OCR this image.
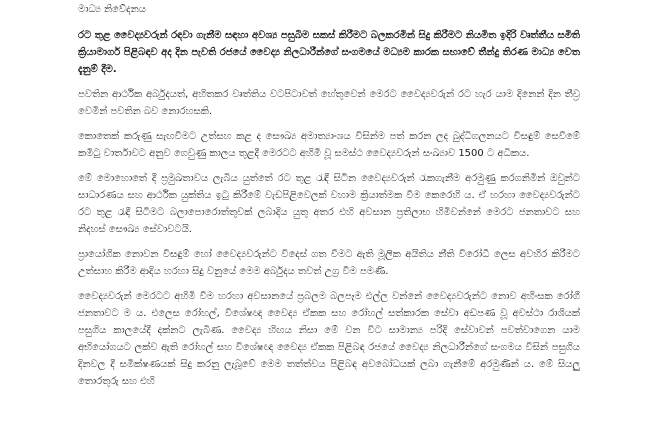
මාධ්‍ය නිවේදනය

රට තුළ වෛද්‍යවරුන් රඳවා ගැනීම සඳහා අවශ්‍ය පසුබිම සකස් කිරීමට බලකරමින් සිදු කිරීමට නියමිත ඉදිරි වෘත්තීය සමිති ක්‍රියාමාර්ග පිළිබඳව අද දින පැවති රජයේ වෛද්‍ය නිලධාරීන්ගේ සංගමයේ මධ්‍යම කාරක සභාවේ තීන්දු තිරණ මාධ්‍ය වෙත දැනුම් දීම.

පවතින ආර්ථික අර්බුදයත්, අහිතකර වෘත්තිය වටපිටාවත් හේතුවෙන් මෙරට වෛද්‍යවරුන් රට හැර යාම දිනෙන් දින තීව්‍ර වෙමින් පවතින බව නොරහසකි.

කොතෙක් කරුණු සැඟවීමට උත්සහ කළ ද සෞඛ්‍ය අමාත්‍යාංශය විසින්ම පත් කරන ලද බුද්ධිගලනයට විසඳුම් සෙවීමේ කමිටු වාර්තාවට අනුව ගෙවුණු කාලය තුළදී මෙරටට අහිමි වූ සමස්ථ වෛද්‍යවරුන් සංඛ්‍යාව 1500 ට අධිකය.

මේ මොහොතේ දී ප්‍රමුඛතාවය ලැබිය යුත්තේ රට තුළ රැඳී සිටින වෛද්‍යවරුන් රැකගැනීම අරමුණු කරගනිමින් ඔවුන්ට සාධාරණය සහ ආර්ථික යුක්තිය ඉටු කිරීමේ වැඩපිළිවෙලක් වහාම ක්‍රියාත්මක වීම කෙරෙහි ය. ඒ හරහා වෛද්‍යවරුන්ට රට තුළ රැඳී සිටීමට බලාපොරොත්තුවක් ලබාදිය යුතු අතර එහි අවසාන ප්‍රතිලාභ හිමිවන්නේ මෙරට ජනතාවට සහ නිදහස් සෞඛ්‍ය සේවාවටයි.

ප්‍රායෝගික නොවන විසඳුම් හෝ වෛද්‍යවරුන්ට විදෙස් ගත වීමට ඇති මූලික අයිතිය නීති විරෝධී ලෙස අවහිර කිරීමට උත්සාහ කිරීම ආදිය හරහා සිදු වනුයේ මෙම අර්බුදය තවත් උග්‍ර වීම පමණි.

වෛද්‍යවරුන් මෙරටට අහිමි වීම හරහා අවසානයේ ප්‍රබලම බලපෑම එල්ල වන්නේ වෛද්‍යවරුන්ට නොව අහිංසක රෝගී ජනතාවට ම ය. එලෙස රෝහල්, විශේෂඥ වෛද්‍ය ඒකක සහ රෝහල් සත්කාරක සේවා අඩපණ වූ අවස්ථා රාශියක් පසුගිය කාලයේදී දක්නට ලැබිණ. වෛද්‍ය හිඟය නිසා මේ වන විට සාමාන්‍ය පරිදි සේවාවන් පවත්වාගෙන යාම අභියෝගයට ලක්ව ඇති රෝහල් සහ විශේෂඥ වෛද්‍ය ඒකක පිළිබඳ රජයේ වෛද්‍ය නිලධාරීන්ගේ සංගමය විසින් පසුගිය දිනවල දී සමීක්ෂණයක් සිදු කරනු ලැබූවේ මෙම තත්ත්වය පිළිබඳ අවබෝධයක් ලබා ගැනීමේ අරමුණින් ය. මේ සියලු තොරතුරු සහ එහි
